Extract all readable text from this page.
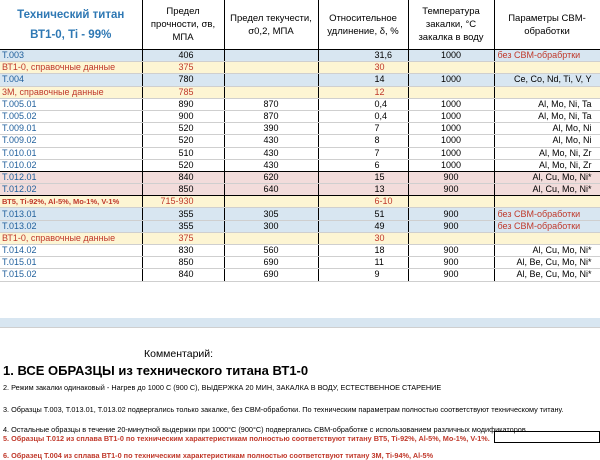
Технический титан
ВТ1-0, Ti - 99%	Предел прочности, σв, МПА	Предел текучести, σ0,2, МПА	Относительное удлинение, δ, %	Температура закалки, °С закалка в воду	Параметры СВМ-обработки
Т.003	406		31,6	1000	без СВМ-обрабртки
ВТ1-0, справочные данные	375		30		
Т.004	780		14	1000	Ce, Co, Nd, Ti, V, Y
3М, справочные данные	785		12		
Т.005.01	890	870	0,4	1000	Al, Mo, Ni, Ta
Т.005.02	900	870	0,4	1000	Al, Mo, Ni, Ta
Т.009.01	520	390	7	1000	Al, Mo, Ni
Т.009.02	520	430	8	1000	Al, Mo, Ni
Т.010.01	510	430	7	1000	Al, Mo, Ni, Zr
Т.010.02	520	430	6	1000	Al, Mo, Ni, Zr
Т.012.01	840	620	15	900	Al, Cu, Mo, Ni*
Т.012.02	850	640	13	900	Al, Cu, Mo, Ni*
ВТ5, Ti-92%, Al-5%, Mo-1%, V-1%	715-930		6-10		
Т.013.01	355	305	51	900	без СВМ-обработки
Т.013.02	355	300	49	900	без СВМ-обработки
ВТ1-0, справочные данные	375		30		
Т.014.02	830	560	18	900	Al, Cu, Mo, Ni*
Т.015.01	850	690	11	900	Al, Be, Cu, Mo, Ni*
Т.015.02	840	690	9	900	Al, Be, Cu, Mo, Ni*
Комментарий:
1. ВСЕ ОБРАЗЦЫ из технического титана ВТ1-0
2. Режим закалки одинаковый - Нагрев до 1000 С (900 С), ВЫДЕРЖКА 20 МИН, ЗАКАЛКА В ВОДУ, ЕСТЕСТВЕННОЕ СТАРЕНИЕ
3. Образцы Т.003, Т.013.01, Т.013.02 подвергались только закалке, без СВМ-обработки. По техническим параметрам полностью соответствуют техническому титану.
4. Остальные образцы в течение 20-минутной выдержки при 1000°С (900°С) подвергались СВМ-обработке с использованием различных модификаторов.
5. Образцы Т.012 из сплава ВТ1-0 по техническим характеристикам полностью соответствуют титану ВТ5, Ti-92%, Al-5%, Mo-1%, V-1%.
6. Образец Т.004 из сплава ВТ1-0 по техническим характеристикам полностью соответствуют титану 3М, Ti-94%, Al-5%
